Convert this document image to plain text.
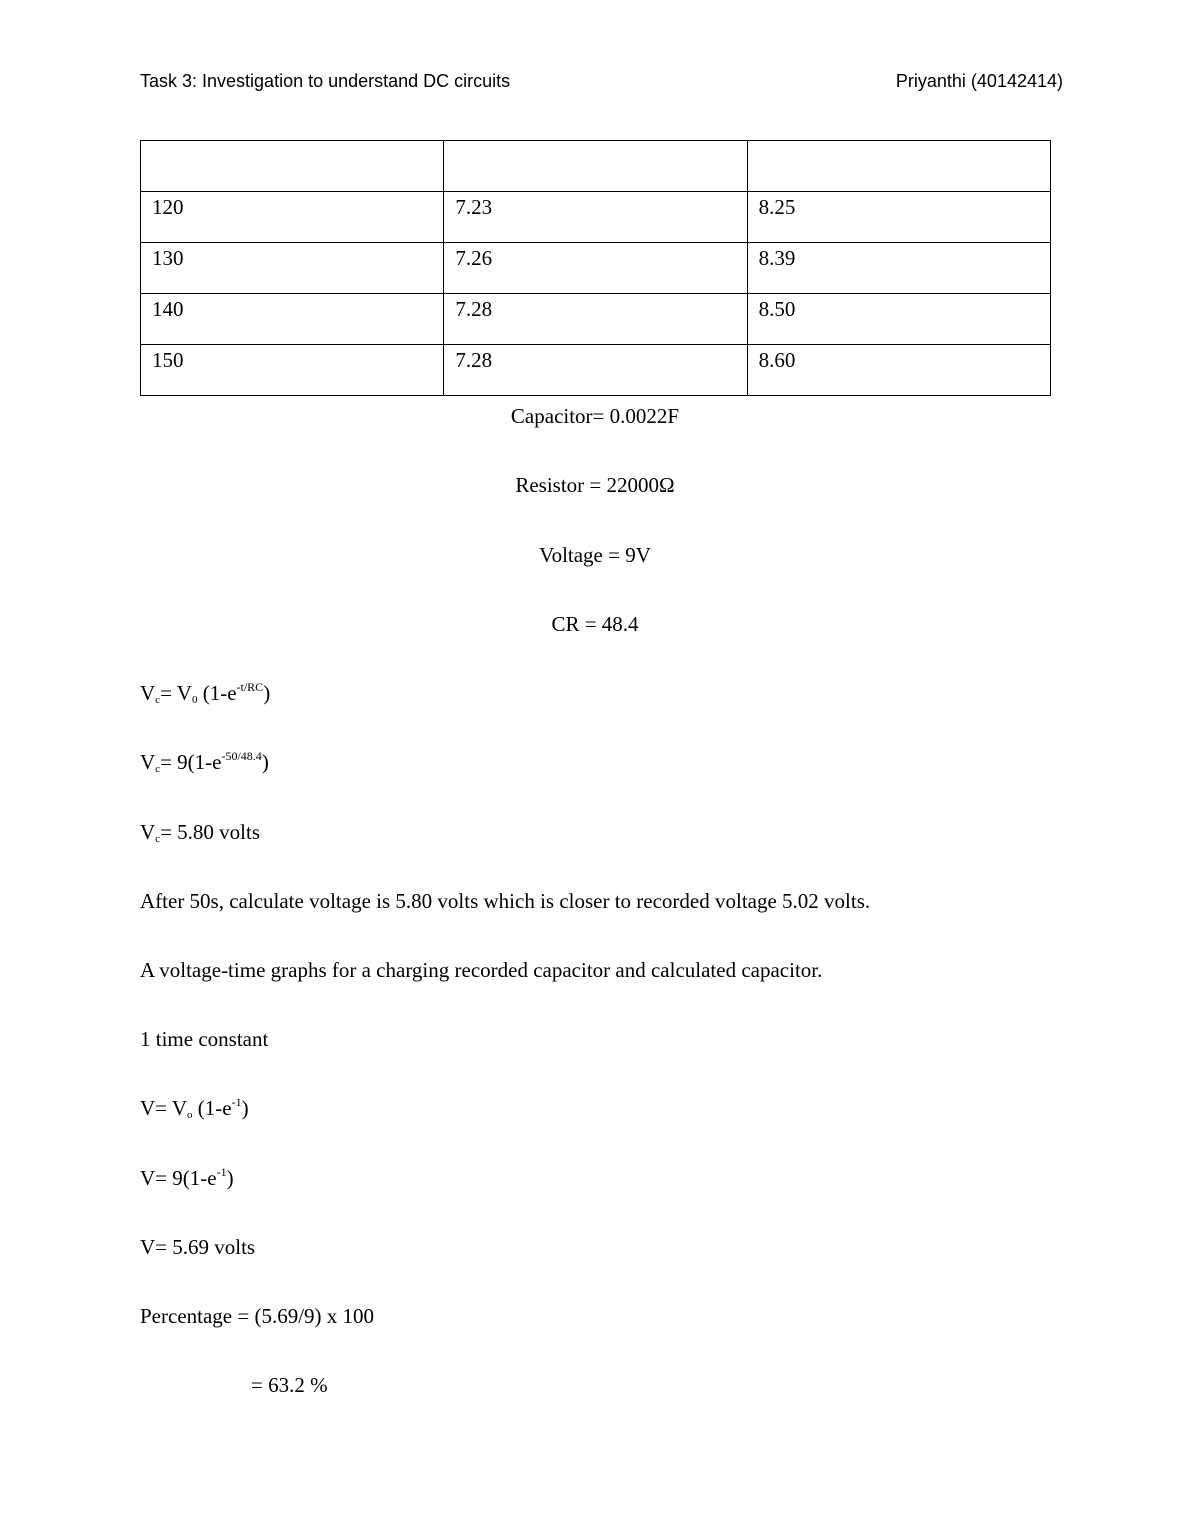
Task 3: Investigation to understand DC circuits	Priyanthi (40142414)

120	7.23	8.25
130	7.26	8.39
140	7.28	8.50
150	7.28	8.60
Capacitor= 0.0022F
Resistor = 22000Ω
Voltage = 9V
CR = 48.4
$V_c= V_0$ $(1-e^{-t/RC})$
$V_c= 9(1-e^{-50/48.4})$
$V_c= 5.80$ volts
After 50s, calculate voltage is 5.80 volts which is closer to recorded voltage 5.02 volts.
A voltage-time graphs for a charging recorded capacitor and calculated capacitor.
1 time constant
$V= V_o$ $(1-e^{-1})$
$V= 9(1-e^{-1})$
V= 5.69 volts
Percentage = (5.69/9) x 100
= 63.2 %
